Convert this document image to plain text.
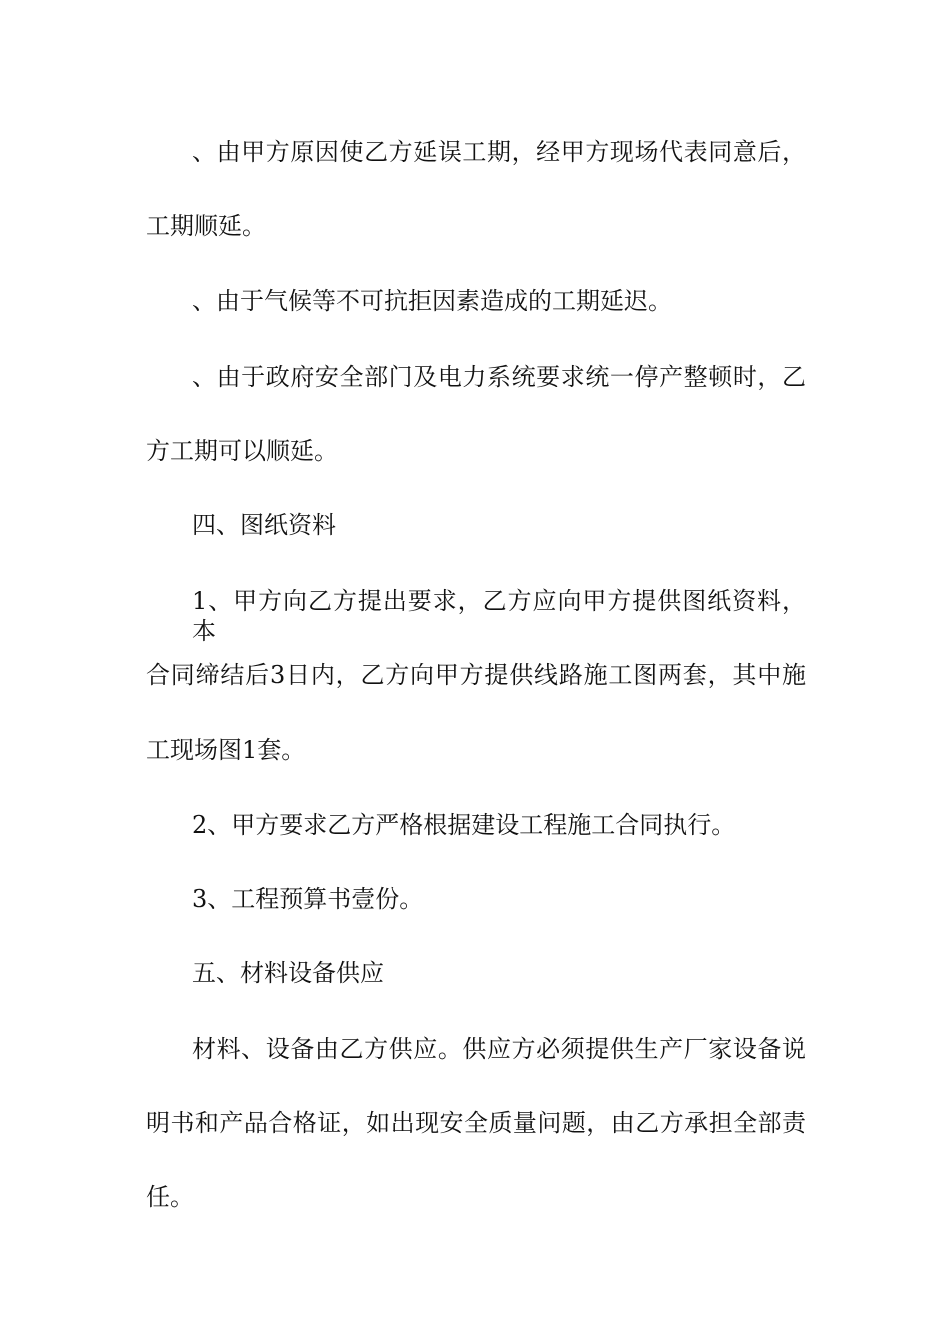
、由甲方原因使乙方延误工期，经甲方现场代表同意后，
工期顺延。
、由于气候等不可抗拒因素造成的工期延迟。
、由于政府安全部门及电力系统要求统一停产整顿时，乙
方工期可以顺延。
四、图纸资料
1、甲方向乙方提出要求，乙方应向甲方提供图纸资料，本
合同缔结后3日内，乙方向甲方提供线路施工图两套，其中施
工现场图1套。
2、甲方要求乙方严格根据建设工程施工合同执行。
3、工程预算书壹份。
五、材料设备供应
材料、设备由乙方供应。供应方必须提供生产厂家设备说
明书和产品合格证，如出现安全质量问题，由乙方承担全部责
任。
